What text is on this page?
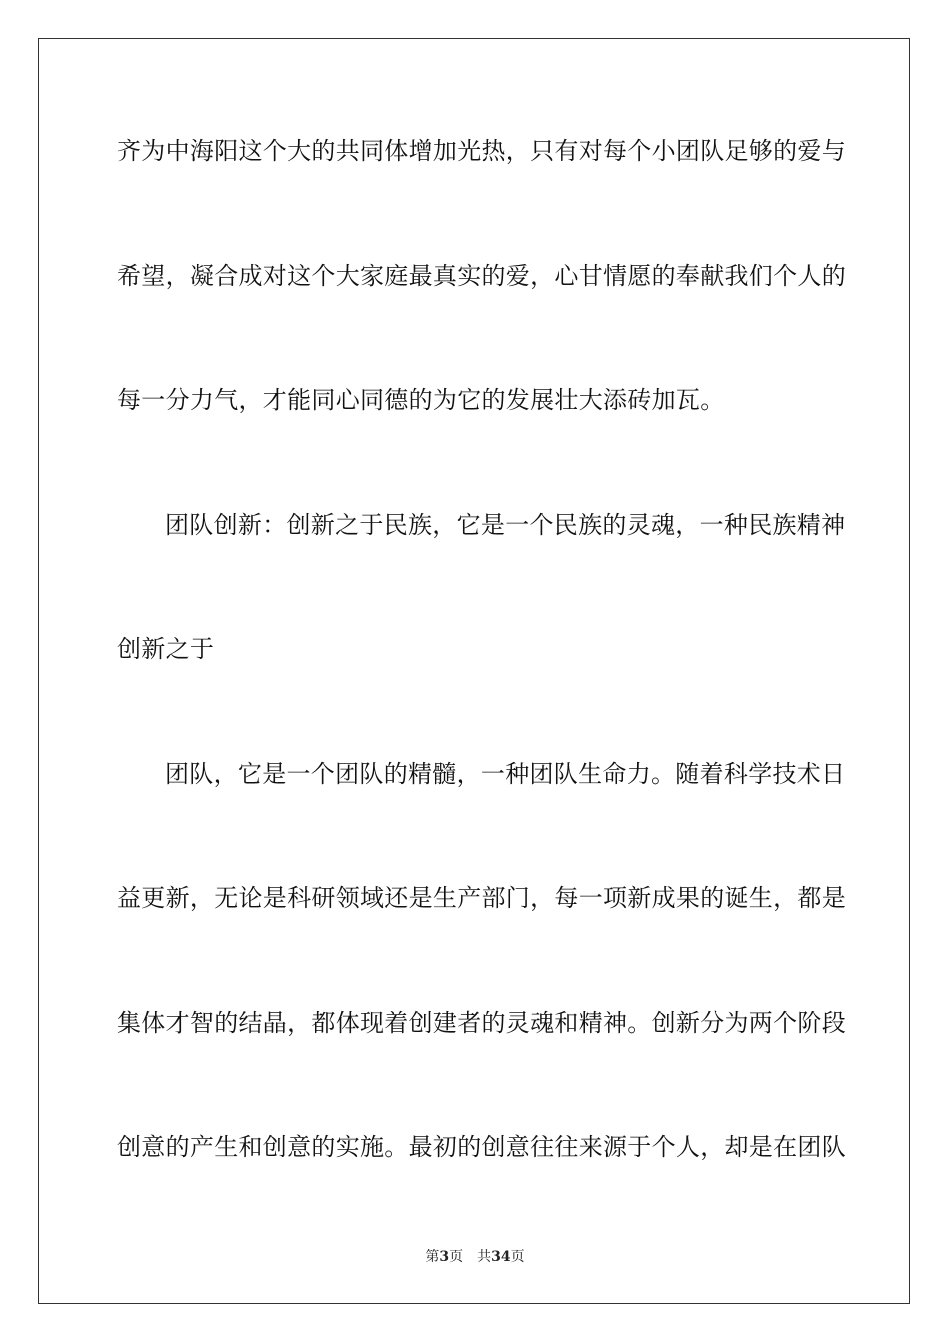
齐为中海阳这个大的共同体增加光热，只有对每个小团队足够的爱与
希望，凝合成对这个大家庭最真实的爱，心甘情愿的奉献我们个人的
每一分力气，才能同心同德的为它的发展壮大添砖加瓦。
团队创新：创新之于民族，它是一个民族的灵魂，一种民族精神
创新之于
团队，它是一个团队的精髓，一种团队生命力。随着科学技术日
益更新，无论是科研领域还是生产部门，每一项新成果的诞生，都是
集体才智的结晶，都体现着创建者的灵魂和精神。创新分为两个阶段
创意的产生和创意的实施。最初的创意往往来源于个人，却是在团队
第3页 共34页
